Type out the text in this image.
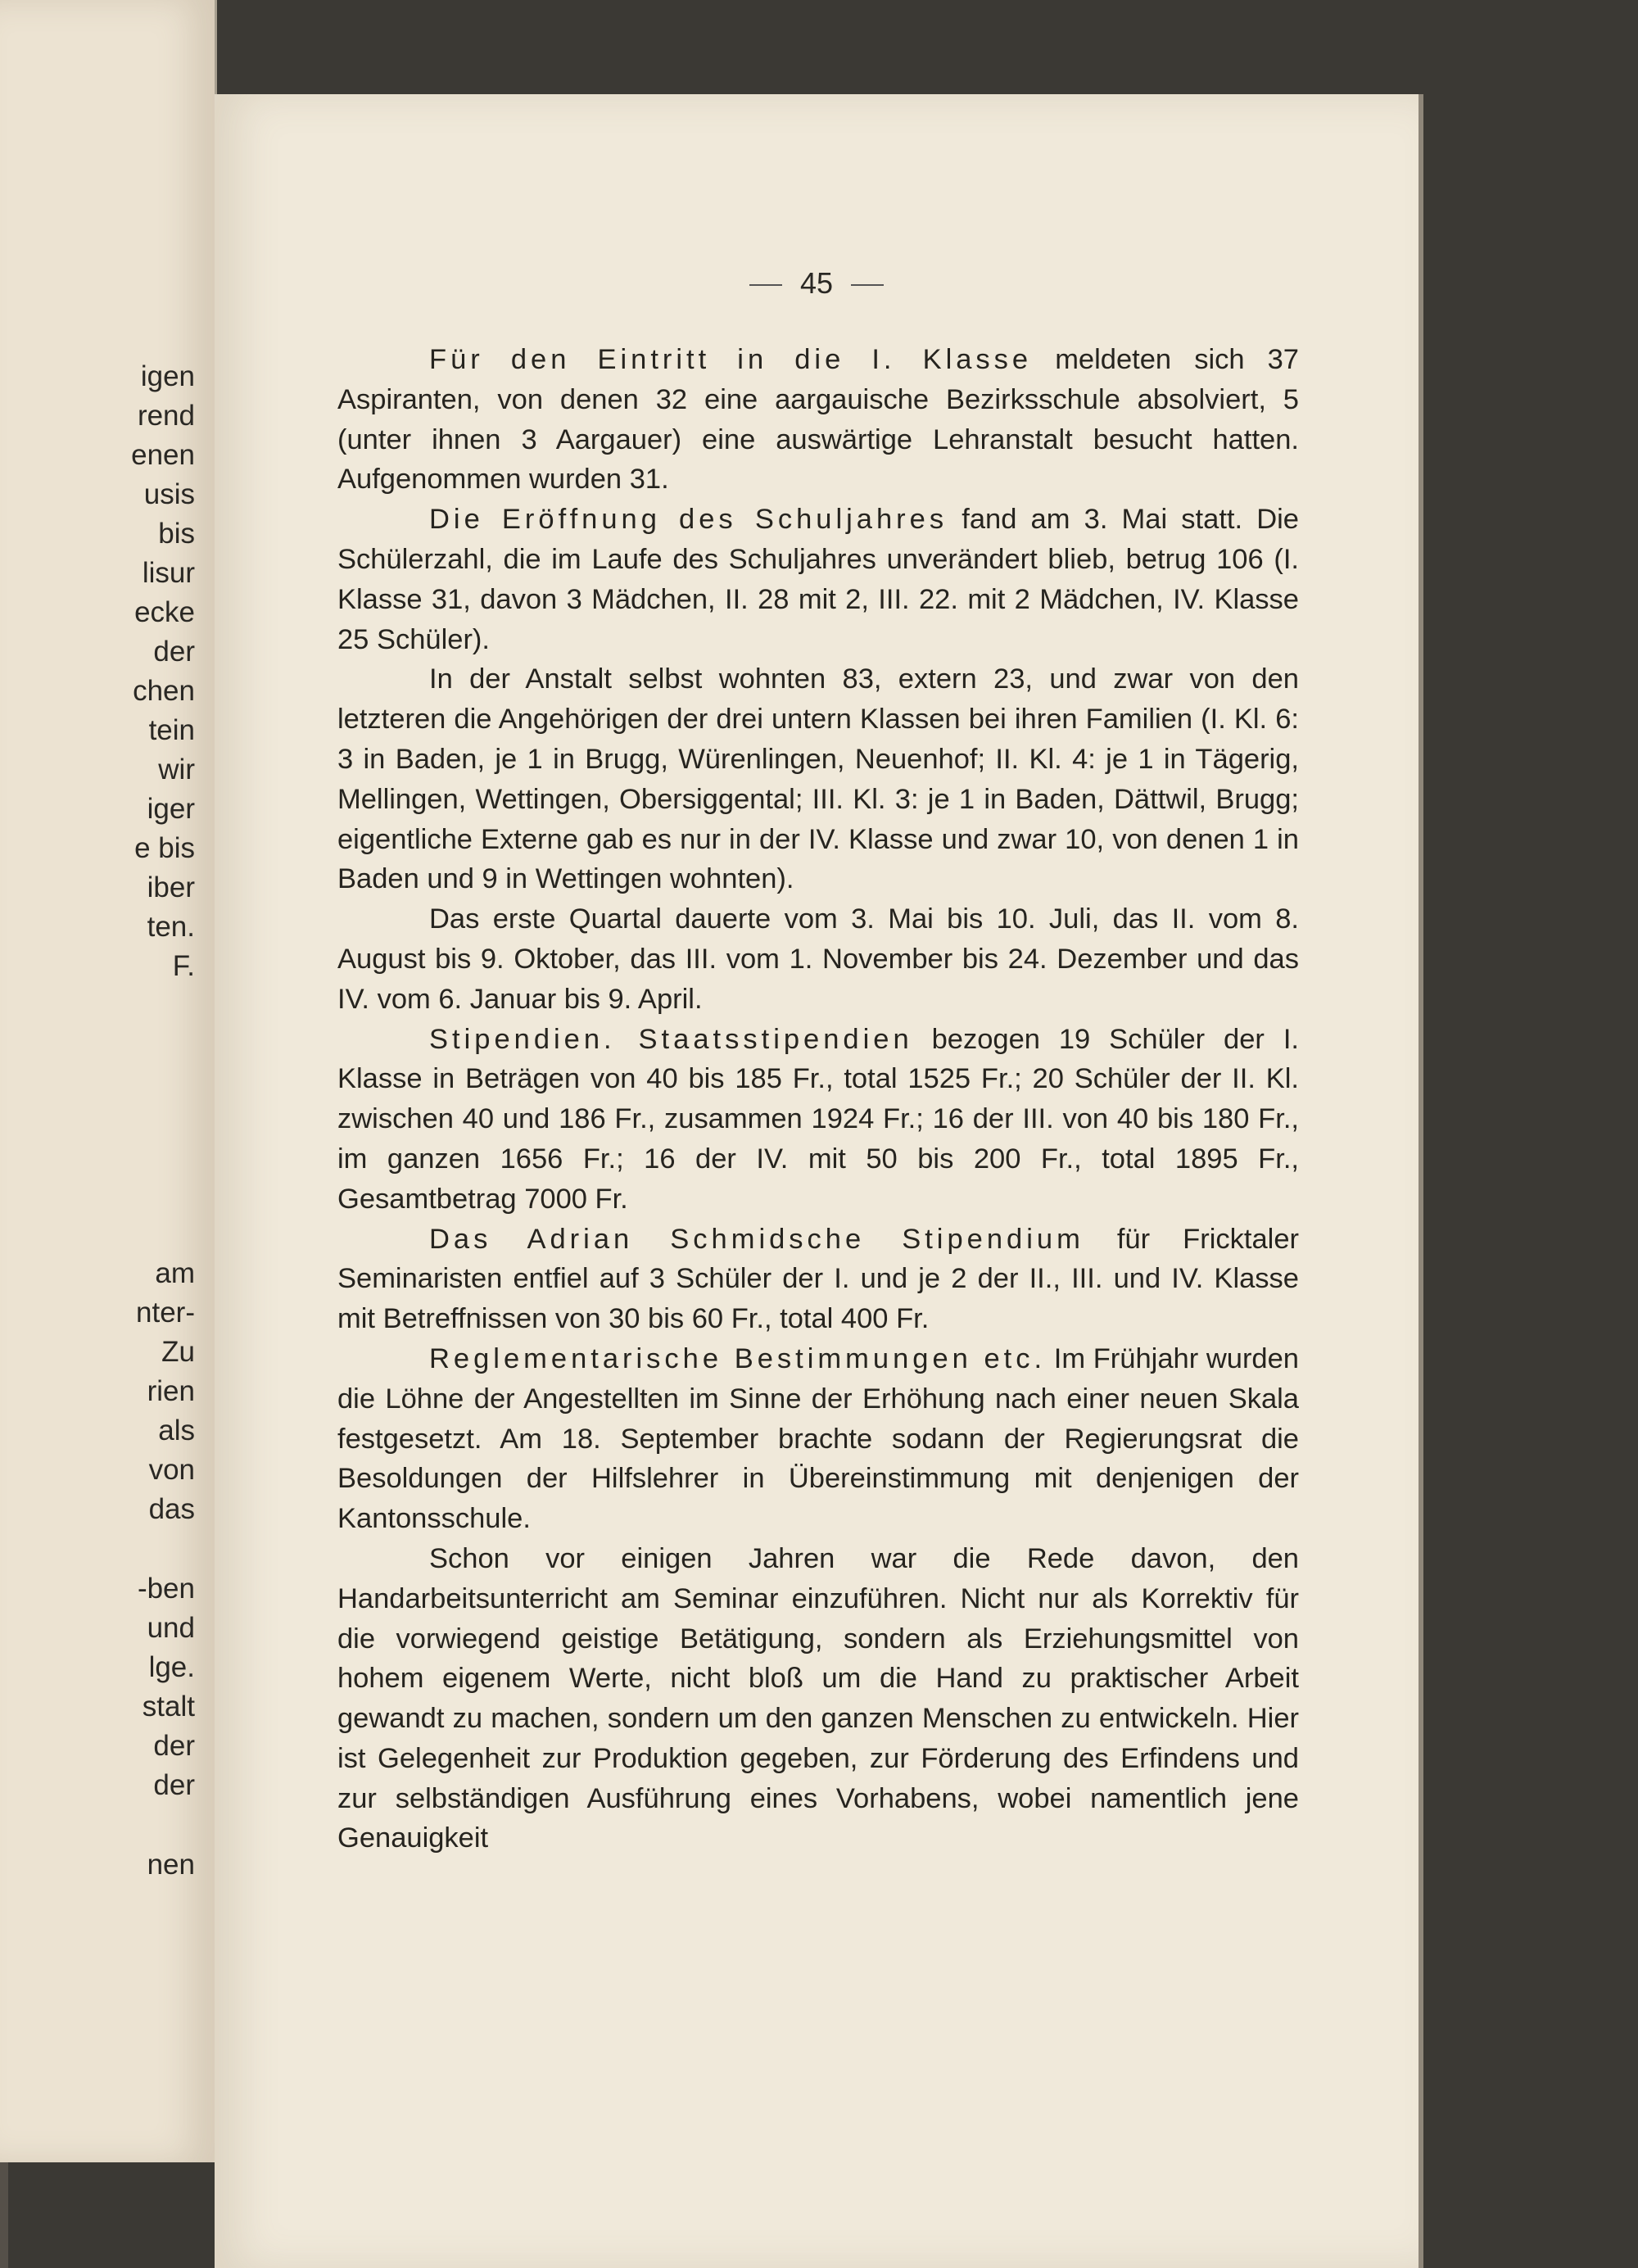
igen
rend
enen
usis
bis
lisur
ecke
der
chen
tein
wir
iger
e bis
iber
ten.
F.
am
nter-
Zu
rien
als
von
das
-ben
und
lge.
stalt
der
der
nen
45

Für den Eintritt in die I. Klasse meldeten sich 37 Aspiranten, von denen 32 eine aargauische Bezirksschule absolviert, 5 (unter ihnen 3 Aargauer) eine auswärtige Lehranstalt besucht hatten. Aufgenommen wurden 31.

Die Eröffnung des Schuljahres fand am 3. Mai statt. Die Schülerzahl, die im Laufe des Schuljahres unverändert blieb, betrug 106 (I. Klasse 31, davon 3 Mädchen, II. 28 mit 2, III. 22. mit 2 Mädchen, IV. Klasse 25 Schüler).

In der Anstalt selbst wohnten 83, extern 23, und zwar von den letzteren die Angehörigen der drei untern Klassen bei ihren Familien (I. Kl. 6: 3 in Baden, je 1 in Brugg, Würenlingen, Neuenhof; II. Kl. 4: je 1 in Tägerig, Mellingen, Wettingen, Obersiggental; III. Kl. 3: je 1 in Baden, Dättwil, Brugg; eigentliche Externe gab es nur in der IV. Klasse und zwar 10, von denen 1 in Baden und 9 in Wettingen wohnten).

Das erste Quartal dauerte vom 3. Mai bis 10. Juli, das II. vom 8. August bis 9. Oktober, das III. vom 1. November bis 24. Dezember und das IV. vom 6. Januar bis 9. April.

Stipendien. Staatsstipendien bezogen 19 Schüler der I. Klasse in Beträgen von 40 bis 185 Fr., total 1525 Fr.; 20 Schüler der II. Kl. zwischen 40 und 186 Fr., zusammen 1924 Fr.; 16 der III. von 40 bis 180 Fr., im ganzen 1656 Fr.; 16 der IV. mit 50 bis 200 Fr., total 1895 Fr., Gesamtbetrag 7000 Fr.

Das Adrian Schmidsche Stipendium für Fricktaler Seminaristen entfiel auf 3 Schüler der I. und je 2 der II., III. und IV. Klasse mit Betreffnissen von 30 bis 60 Fr., total 400 Fr.

Reglementarische Bestimmungen etc. Im Frühjahr wurden die Löhne der Angestellten im Sinne der Erhöhung nach einer neuen Skala festgesetzt. Am 18. September brachte sodann der Regierungsrat die Besoldungen der Hilfslehrer in Übereinstimmung mit denjenigen der Kantonsschule.

Schon vor einigen Jahren war die Rede davon, den Handarbeitsunterricht am Seminar einzuführen. Nicht nur als Korrektiv für die vorwiegend geistige Betätigung, sondern als Erziehungsmittel von hohem eigenem Werte, nicht bloß um die Hand zu praktischer Arbeit gewandt zu machen, sondern um den ganzen Menschen zu entwickeln. Hier ist Gelegenheit zur Produktion gegeben, zur Förderung des Erfindens und zur selbständigen Ausführung eines Vorhabens, wobei namentlich jene Genauigkeit
